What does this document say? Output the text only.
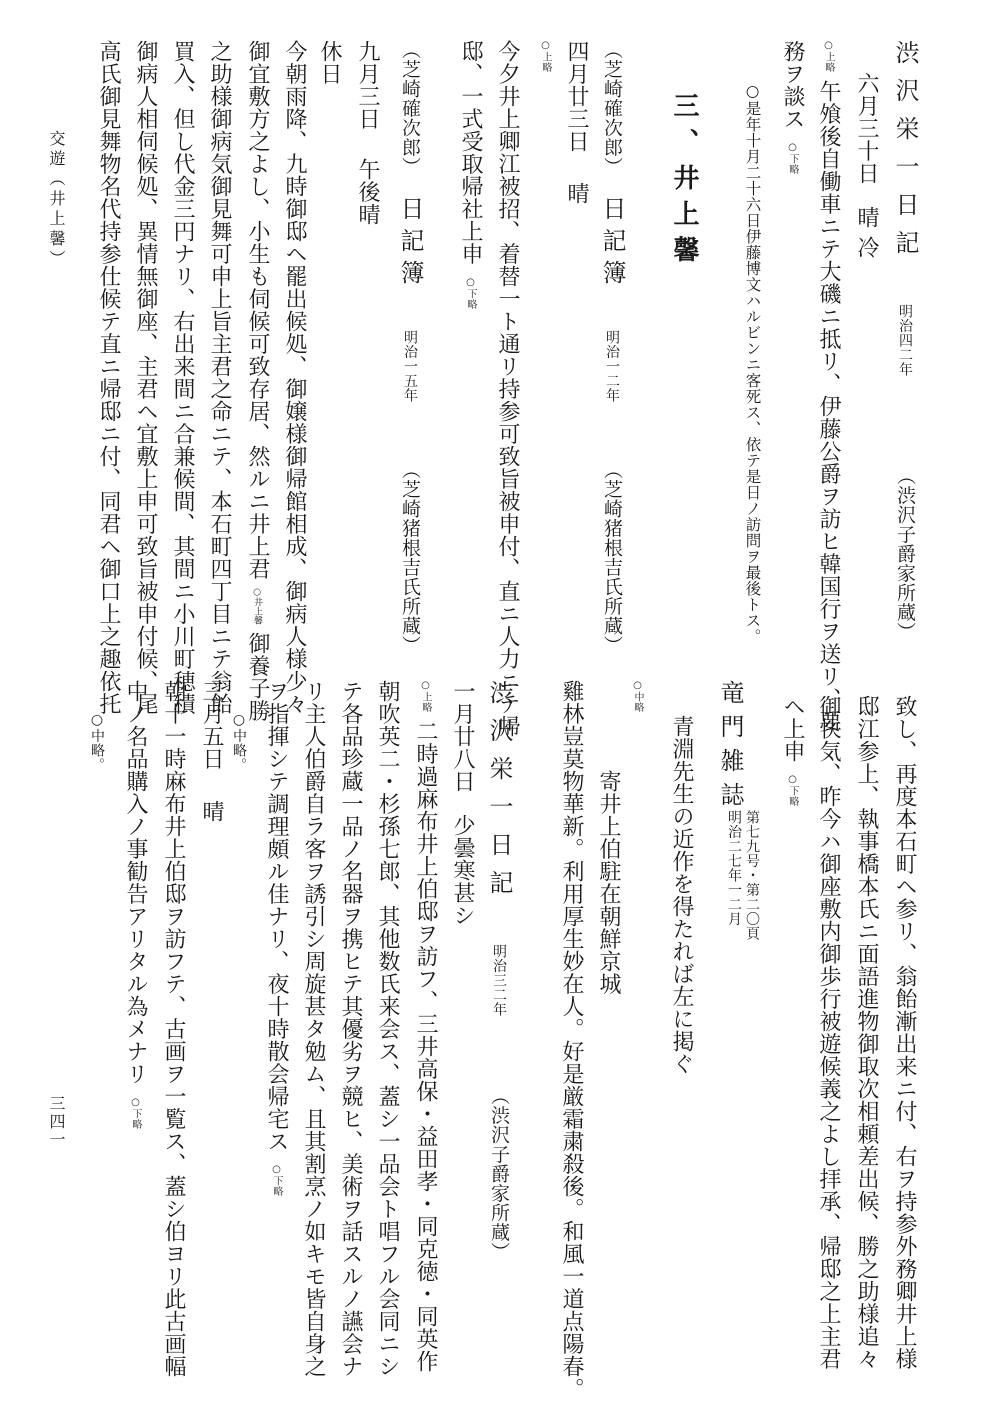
渋沢栄一日記 明治四二年 （渋沢子爵家所蔵）
六月三十日 晴冷
○上略 午飧後自働車ニテ大磯ニ抵リ、伊藤公爵ヲ訪ヒ韓国行ヲ送リ、要
務ヲ談ス ○下略
○是年十月二十六日伊藤博文ハルビンニ客死ス、依テ是日ノ訪問ヲ最後トス。
三、井上馨
（芝崎確次郎） 日記簿 明治一二年 （芝崎猪根吉氏所蔵）
四月廿三日 晴
○上略
今夕井上卿江被招、着替一ト通リ持参可致旨被申付、直ニ人力ニテ帰
邸、一式受取帰社上申 ○下略
（芝崎確次郎） 日記簿 明治一五年 （芝崎猪根吉氏所蔵）
九月三日 午後晴
休日
今朝雨降、九時御邸ヘ罷出候処、御嬢様御帰館相成、御病人様少々
御宜敷方之よし、小生も伺候可致存居、然ルニ井上君 ○井上馨 御養子勝
之助様御病気御見舞可申上旨主君之命ニテ、本石町四丁目ニテ翁飴
買入、但し代金三円ナリ、右出来間ニ合兼候間、其間ニ小川町穂積
御病人相伺候処、異情無御座、主君ヘ宜敷上申可致旨被申付候、尾
高氏御見舞物名代持参仕候テ直ニ帰邸ニ付、同君ヘ御口上之趣依托
致し、再度本石町ヘ参リ、翁飴漸出来ニ付、右ヲ持参外務卿井上様
邸江参上、執事橋本氏ニ面語進物御取次相頼差出候、勝之助様追々
御快気、昨今ハ御座敷内御歩行被遊候義之よし拝承、帰邸之上主君
ヘ上申 ○下略
竜門雑誌
第七九号・第二〇頁
明治二七年一二月
青淵先生の近作を得たれば左に掲ぐ
○中略
寄井上伯駐在朝鮮京城
雞林豈莫物華新。利用厚生妙在人。好是厳霜粛殺後。和風一道点陽春。
渋沢栄一日記 明治三二年 （渋沢子爵家所蔵）
一月廿八日 少曇寒甚シ
○上略 二時過麻布井上伯邸ヲ訪フ、三井高保・益田孝・同克徳・同英作
朝吹英二・杉孫七郎、其他数氏来会ス、蓋シ一品会ト唱フル会同ニシ
テ各品珍蔵一品ノ名器ヲ携ヒテ其優劣ヲ競ヒ、美術ヲ話スルノ讌会ナ
リ主人伯爵自ラ客ヲ誘引シ周旋甚タ勉ム、且其割烹ノ如キモ皆自身之
ヲ指揮シテ調理頗ル佳ナリ、夜十時散会帰宅ス ○下略
○中略。
三月五日 晴
朝十一時麻布井上伯邸ヲ訪フテ、古画ヲ一覧ス、蓋シ伯ヨリ此古画幅
中ノ名品購入ノ事勧告アリタル為メナリ ○下略
○中略。
交遊（井上馨）
三四一
